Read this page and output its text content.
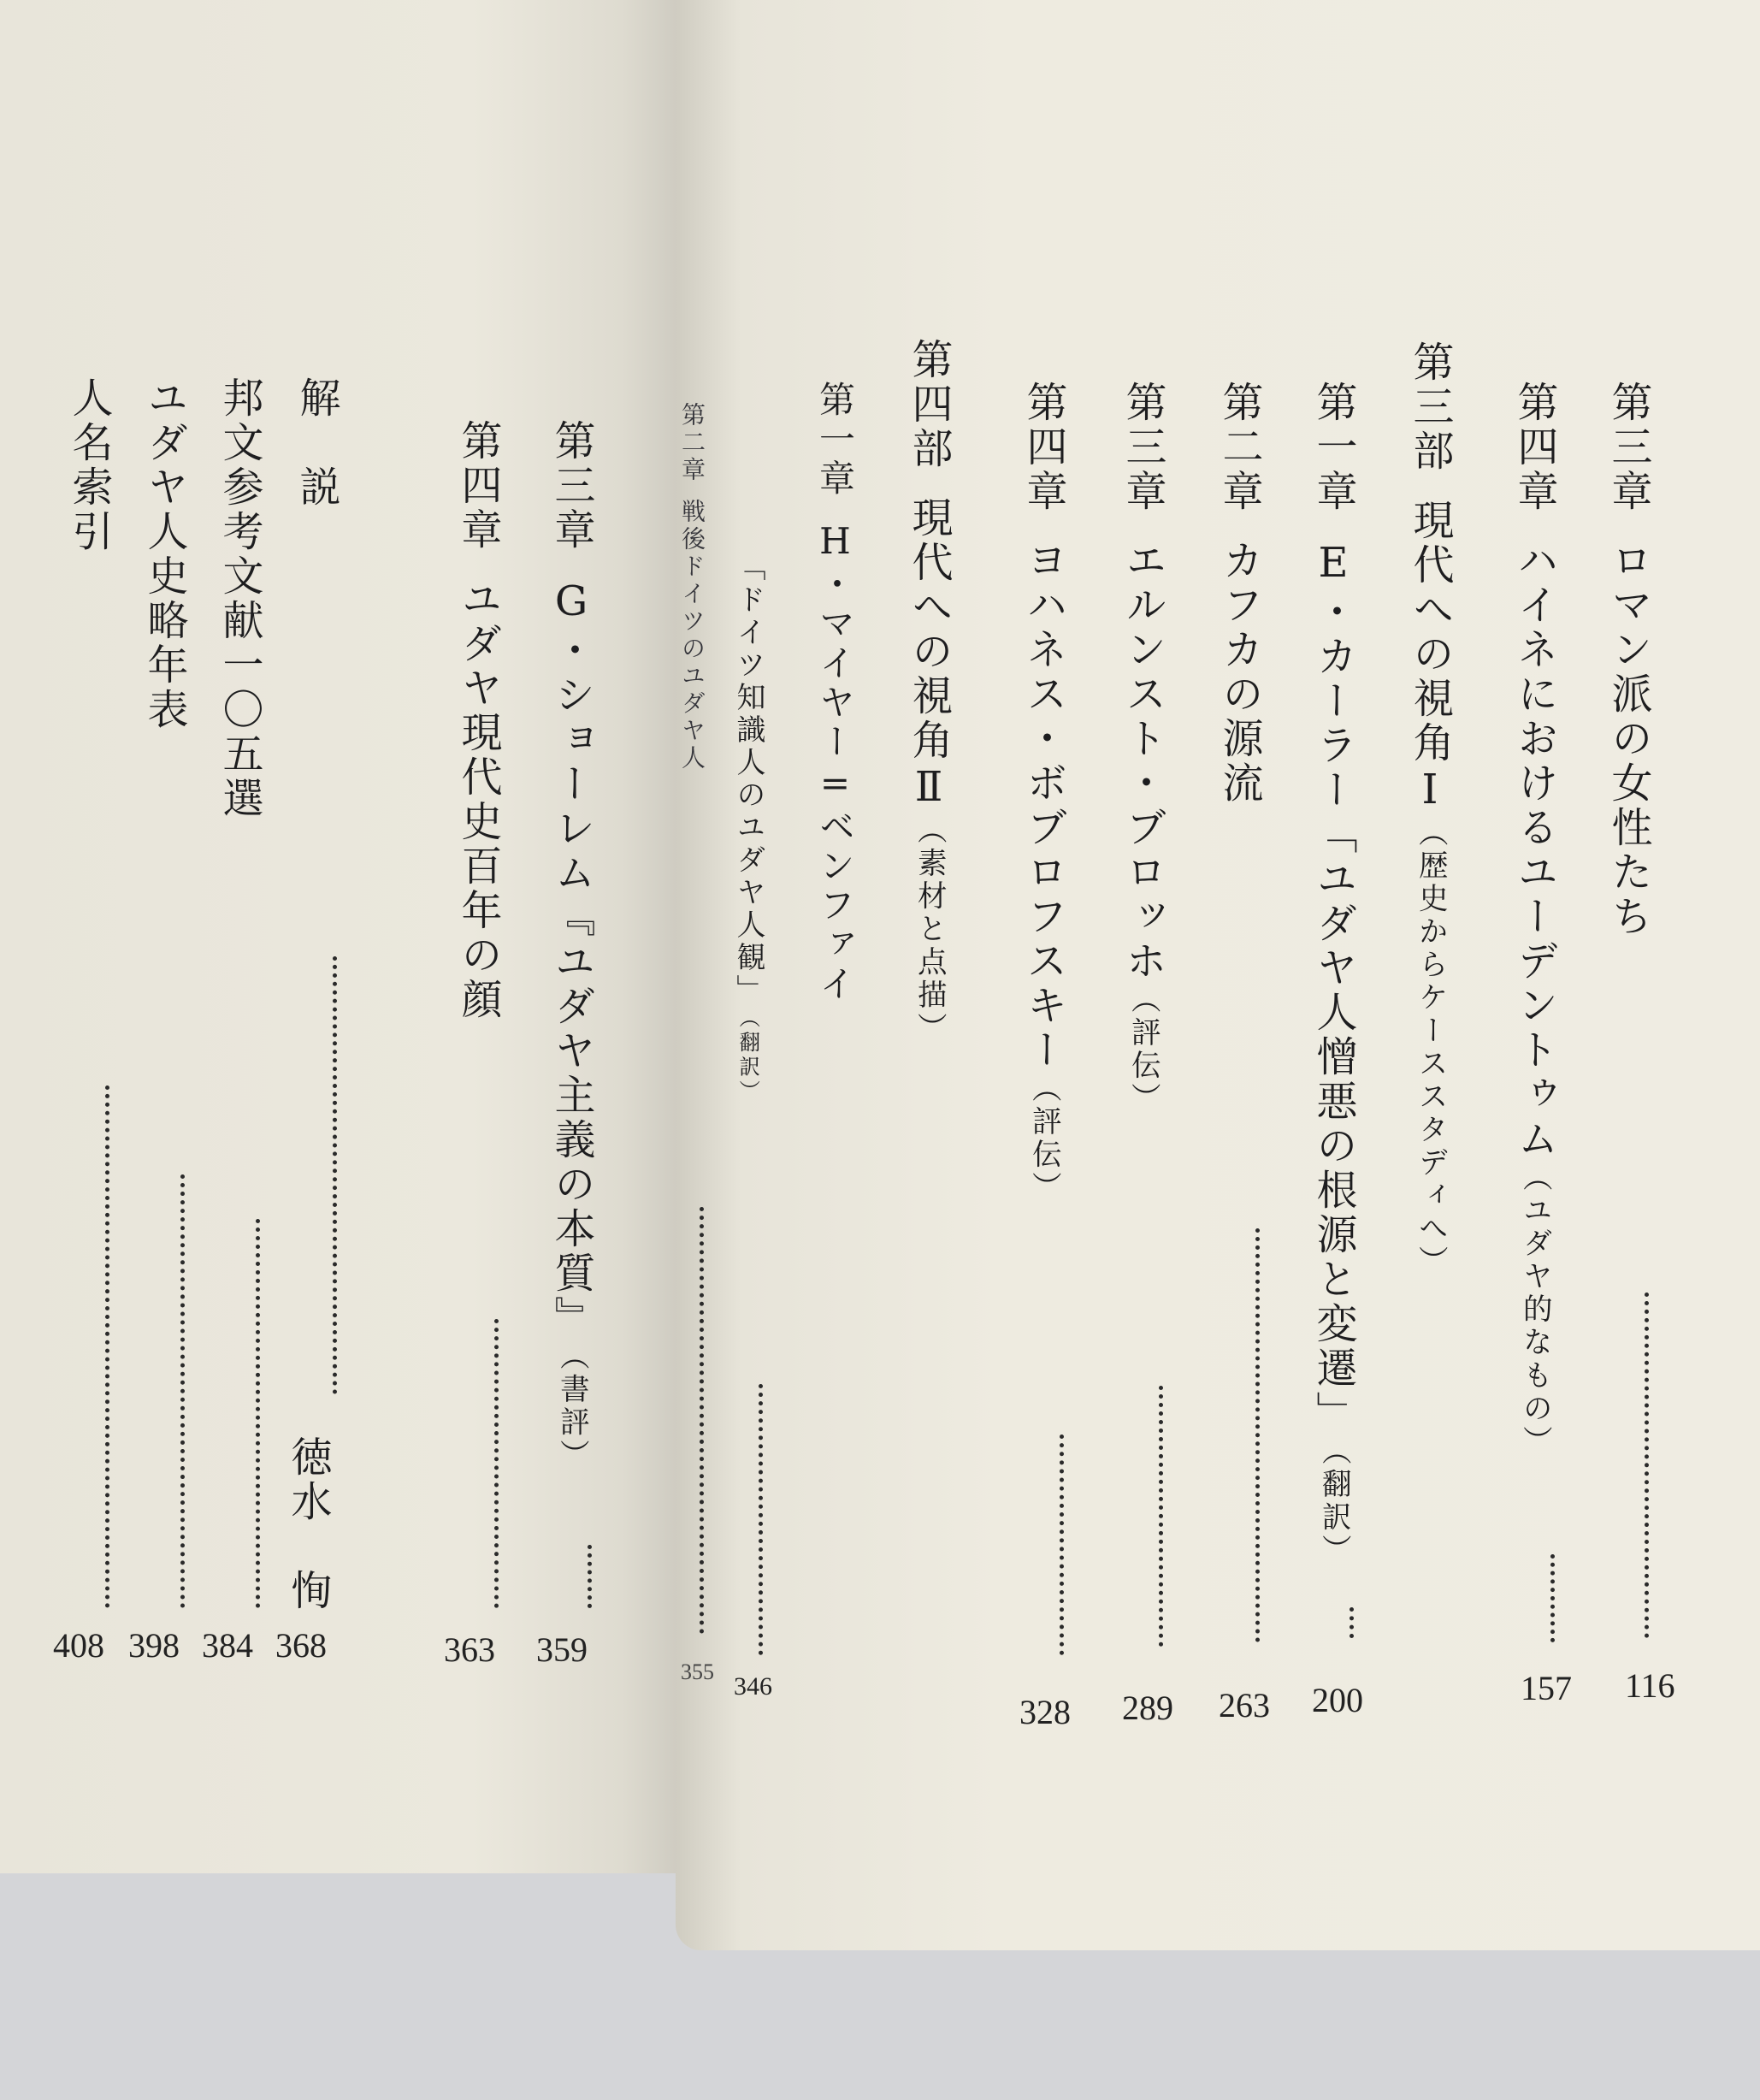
第三章
ロマン派の女性たち
116
第四章
ハイネにおけるユーデントゥム
（ユダヤ的なもの）
157
第三部
現代への視角Ⅰ
（歴史からケーススタディへ）
第一章
E・カーラー「ユダヤ人憎悪の根源と変遷」
（翻訳）
200
第二章
カフカの源流
263
第三章
エルンスト・ブロッホ
（評伝）
289
第四章
ヨハネス・ボブロフスキー
（評伝）
328
第四部
現代への視角Ⅱ
（素材と点描）
第一章
H・マイヤー=ベンファイ
「ドイツ知識人のユダヤ人観」
（翻訳）
346
第二章
戦後ドイツのユダヤ人
355
第三章
G・ショーレム『ユダヤ主義の本質』
（書評）
359
第四章
ユダヤ現代史百年の顔
363
解　説
徳水　恂
368
邦文参考文献一〇五選
384
ユダヤ人史略年表
398
人名索引
408
